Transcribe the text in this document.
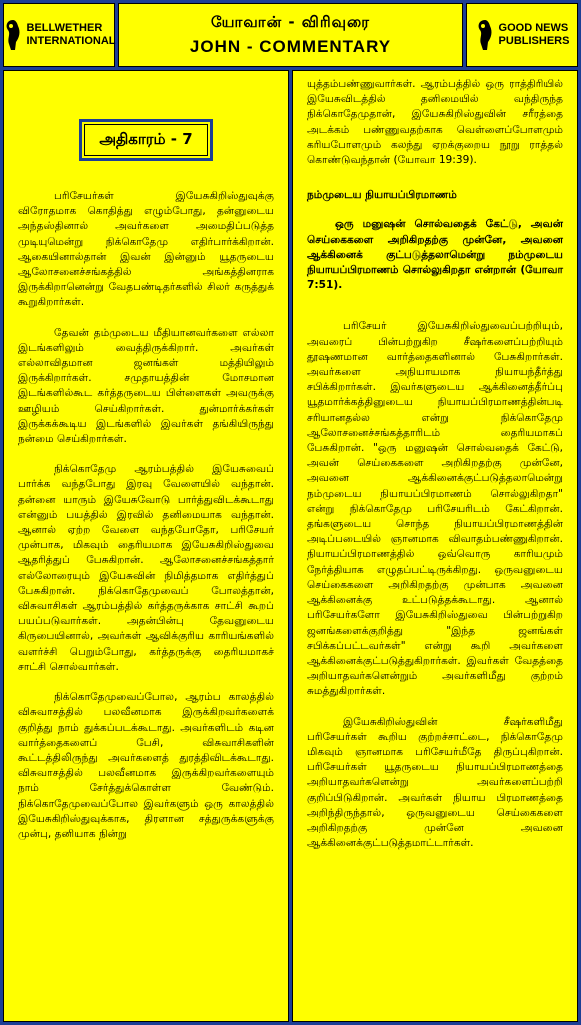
BELLWETHER
INTERNATIONAL
யோவான் - விரிவுரை
JOHN - COMMENTARY
GOOD NEWS
PUBLISHERS
அதிகாரம் - 7

பரிசேயர்கள் இயேசுகிறிஸ்துவுக்கு விரோதமாக கொதித்து எழும்போது, தன்னுடைய அந்தஸ்தினால் அவர்களை அமைதிப்படுத்த முடியுமென்று நிக்கொதேமு எதிர்பார்க்கிறான். ஆகையினால்தான் இவன் இன்னும் யூதருடைய ஆலோசனைச்சங்கத்தில் அங்கத்தினராக இருக்கிறானென்று வேதபண்டிதர்களில் சிலர் கருத்துக் கூறுகிறார்கள்.

தேவன் தம்முடைய மீதியானவர்களை எல்லா இடங்களிலும் வைத்திருக்கிறார். அவர்கள் எல்லாவிதமான ஜனங்கள் மத்தியிலும் இருக்கிறார்கள். சமுதாயத்தின் மோசமான இடங்களில்கூட கர்த்தருடைய பிள்ளைகள் அவருக்கு ஊழியம் செய்கிறார்கள். துன்மார்க்கர்கள் இருக்கக்கூடிய இடங்களில் இவர்கள் தங்கியிருந்து நன்மை செய்கிறார்கள்.

நிக்கொதேமு ஆரம்பத்தில் இயேசுவைப் பார்க்க வந்தபோது இரவு வேளையில் வந்தான். தன்னை யாரும் இயேசுவோடு பார்த்துவிடக்கூடாது என்னும் பயத்தில் இரவில் தனிமையாக வந்தான். ஆனால் ஏற்ற வேளை வந்தபோதோ, பரிசேயர் முன்பாக, மிகவும் தைரியமாக இயேசுகிறிஸ்துவை ஆதரித்துப் பேசுகிறான். ஆலோசனைச்சங்கத்தார் எல்லோரையும் இயேசுவின் நிமித்தமாக எதிர்த்துப் பேசுகிறான். நிக்கொதேமுவைப் போலத்தான், விசுவாசிகள் ஆரம்பத்தில் கர்த்தருக்காக சாட்சி கூறப் பயப்படுவார்கள். அதன்பின்பு தேவனுடைய கிருபையினால், அவர்கள் ஆவிக்குரிய காரியங்களில் வளர்ச்சி பெறும்போது, கர்த்தருக்கு தைரியமாகச் சாட்சி சொல்வார்கள்.

நிக்கொதேமுவைப்போல, ஆரம்ப காலத்தில் விசுவாசத்தில் பலவீனமாக இருக்கிறவர்களைக் குறித்து நாம் துக்கப்படக்கூடாது. அவர்களிடம் கடின வார்த்தைகளைப் பேசி, விசுவாசிகளின் கூட்டத்திலிருந்து அவர்களைத் துரத்திவிடக்கூடாது. விசுவாசத்தில் பலவீனமாக இருக்கிறவர்களையும் நாம் சேர்த்துக்கொள்ள வேண்டும். நிக்கொதேமுவைப்போல இவர்களும் ஒரு காலத்தில் இயேசுகிறிஸ்துவுக்காக, திரளான சத்துருக்களுக்கு முன்பு, தனியாக நின்று

யுத்தம்பண்ணுவார்கள். ஆரம்பத்தில் ஒரு ராத்திரியில் இயேசுவிடத்தில் தனிமையில் வந்திருந்த நிக்கொதேமுதான், இயேசுகிறிஸ்துவின் சரீரத்தை அடக்கம் பண்ணுவதற்காக வெள்ளைப்போளமும் கரியபோளமும் கலந்து ஏறக்குறைய நூறு ராத்தல் கொண்டுவந்தான் (யோவா 19:39).

நம்முடைய நியாயப்பிரமாணம்

ஒரு மனுஷன் சொல்வதைக் கேட்டு, அவன் செய்கைகளை அறிகிறதற்கு முன்னே, அவனை ஆக்கினைக் குட்படுத்தலாமென்று நம்முடைய நியாயப்பிரமாணம் சொல்லுகிறதா என்றான் (யோவா 7:51).

பரிசேயர் இயேசுகிறிஸ்துவைப்பற்றியும், அவரைப் பின்பற்றுகிற சீஷர்களைப்பற்றியும் தூஷணமான வார்த்தைகளினால் பேசுகிறார்கள். அவர்களை அநியாயமாக நியாயந்தீர்த்து சபிக்கிறார்கள். இவர்களுடைய ஆக்கினைத்தீர்ப்பு யூதமார்க்கத்தினுடைய நியாயப்பிரமாணத்தின்படி சரியானதல்ல என்று நிக்கொதேமு ஆலோசனைச்சங்கத்தாரிடம் தைரியமாகப் பேசுகிறான். "ஒரு மனுஷன் சொல்வதைக் கேட்டு, அவன் செய்கைகளை அறிகிறதற்கு முன்னே, அவனை ஆக்கினைக்குட்படுத்தலாமென்று நம்முடைய நியாயப்பிரமாணம் சொல்லுகிறதா" என்று நிக்கொதேமு பரிசேயரிடம் கேட்கிறான். தங்களுடைய சொந்த நியாயப்பிரமாணத்தின் அடிப்படையில் ஞானமாக விவாதம்பண்ணுகிறான். நியாயப்பிரமாணத்தில் ஒவ்வொரு காரியமும் நேர்த்தியாக எழுதப்பட்டிருக்கிறது. ஒருவனுடைய செய்கைகளை அறிகிறதற்கு முன்பாக அவனை ஆக்கினைக்கு உட்படுத்தக்கூடாது. ஆனால் பரிசேயர்களோ இயேசுகிறிஸ்துவை பின்பற்றுகிற ஜனங்களைக்குறித்து "இந்த ஜனங்கள் சபிக்கப்பட்டவர்கள்" என்று கூறி அவர்களை ஆக்கினைக்குட்படுத்துகிறார்கள். இவர்கள் வேதத்தை அறியாதவர்களென்றும் அவர்களிமீது குற்றம் சுமத்துகிறார்கள்.

இயேசுகிறிஸ்துவின் சீஷர்களிமீது பரிசேயர்கள் கூறிய குற்றச்சாட்டை, நிக்கொதேமு மிகவும் ஞானமாக பரிசேயர்மீதே திருப்புகிறான். பரிசேயர்கள் யூதருடைய நியாயப்பிரமாணத்தை அறியாதவர்களென்று அவர்களைப்பற்றி குறிப்பிடுகிறான். அவர்கள் நியாய பிரமாணத்தை அறிந்திருந்தால், ஒருவனுடைய செய்கைகளை அறிகிறதற்கு முன்னே அவனை ஆக்கினைக்குட்படுத்தமாட்டார்கள்.
